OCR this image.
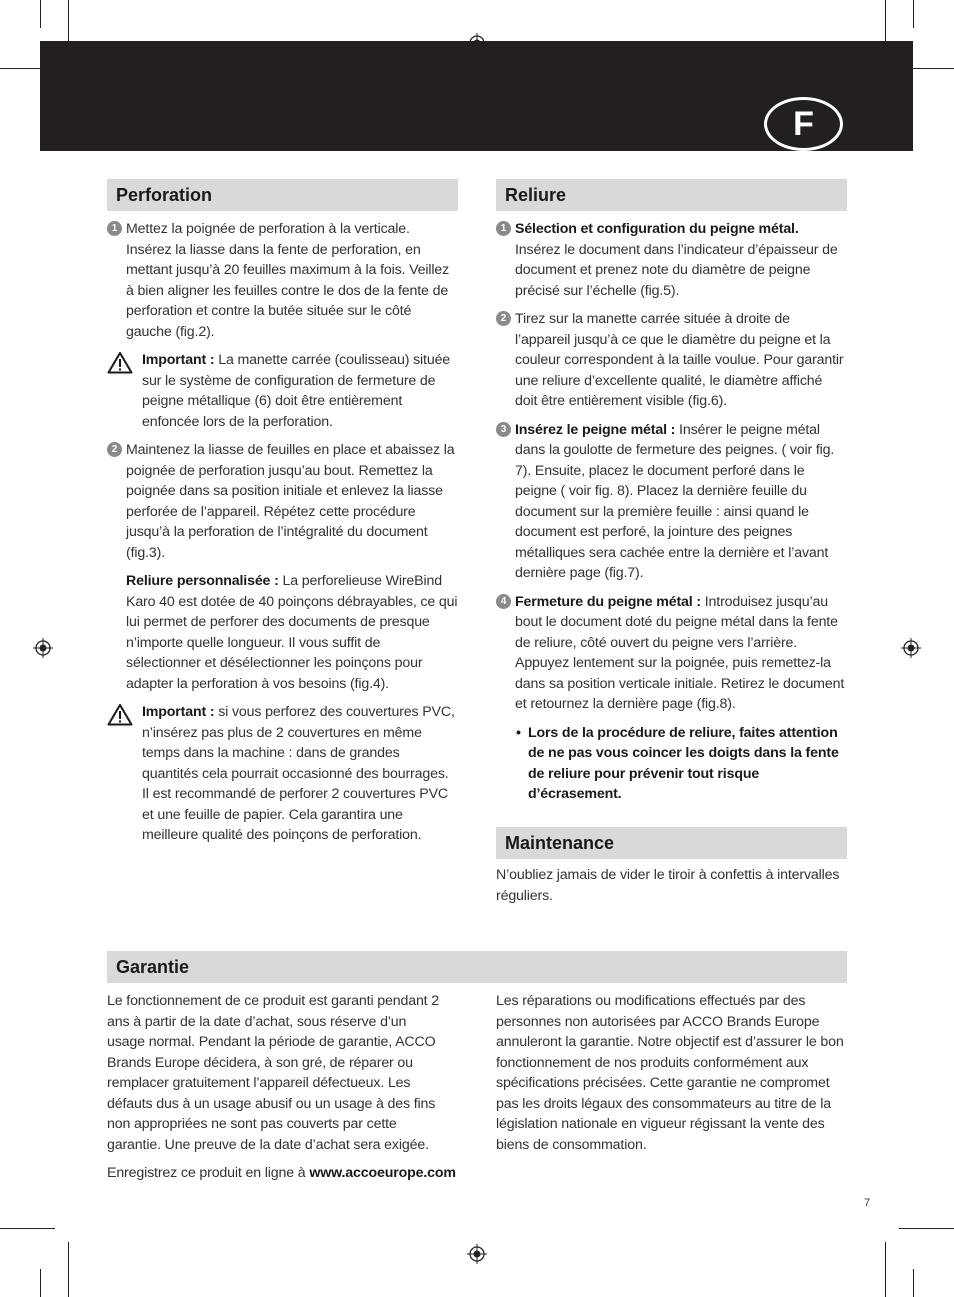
F
Perforation
1 Mettez la poignée de perforation à la verticale. Insérez la liasse dans la fente de perforation, en mettant jusqu’à 20 feuilles maximum à la fois. Veillez à bien aligner les feuilles contre le dos de la fente de perforation et contre la butée située sur le côté gauche (fig.2).
Important : La manette carrée (coulisseau) située sur le système de configuration de fermeture de peigne métallique (6) doit être entièrement enfoncée lors de la perforation.
2 Maintenez la liasse de feuilles en place et abaissez la poignée de perforation jusqu’au bout. Remettez la poignée dans sa position initiale et enlevez la liasse perforée de l’appareil. Répétez cette procédure jusqu’à la perforation de l’intégralité du document (fig.3).
Reliure personnalisée : La perforelieuse WireBind Karo 40 est dotée de 40 poinçons débrayables, ce qui lui permet de perforer des documents de presque n’importe quelle longueur. Il vous suffit de sélectionner et désélectionner les poinçons pour adapter la perforation à vos besoins (fig.4).
Important : si vous perforez des couvertures PVC, n’insérez pas plus de 2 couvertures en même temps dans la machine : dans de grandes quantités cela pourrait occasionné des bourrages. Il est recommandé de perforer 2 couvertures PVC et une feuille de papier. Cela garantira une meilleure qualité des poinçons de perforation.
Reliure
1 Sélection et configuration du peigne métal. Insérez le document dans l’indicateur d’épaisseur de document et prenez note du diamètre de peigne précisé sur l’échelle (fig.5).
2 Tirez sur la manette carrée située à droite de l’appareil jusqu’à ce que le diamètre du peigne et la couleur correspondent à la taille voulue. Pour garantir une reliure d’excellente qualité, le diamètre affiché doit être entièrement visible (fig.6).
3 Insérez le peigne métal : Insérer le peigne métal dans la goulotte de fermeture des peignes. ( voir fig. 7). Ensuite, placez le document perforé dans le peigne ( voir fig. 8). Placez la dernière feuille du document sur la première feuille : ainsi quand le document est perforé, la jointure des peignes métalliques sera cachée entre la dernière et l’avant dernière page (fig.7).
4 Fermeture du peigne métal : Introduisez jusqu’au bout le document doté du peigne métal dans la fente de reliure, côté ouvert du peigne vers l’arrière. Appuyez lentement sur la poignée, puis remettez-la dans sa position verticale initiale. Retirez le document et retournez la dernière page (fig.8).
• Lors de la procédure de reliure, faites attention de ne pas vous coincer les doigts dans la fente de reliure pour prévenir tout risque d’écrasement.
Maintenance
N’oubliez jamais de vider le tiroir à confettis à intervalles réguliers.
Garantie
Le fonctionnement de ce produit est garanti pendant 2 ans à partir de la date d’achat, sous réserve d’un usage normal. Pendant la période de garantie, ACCO Brands Europe décidera, à son gré, de réparer ou remplacer gratuitement l’appareil défectueux. Les défauts dus à un usage abusif ou un usage à des fins non appropriées ne sont pas couverts par cette garantie. Une preuve de la date d’achat sera exigée.
Enregistrez ce produit en ligne à www.accoeurope.com
Les réparations ou modifications effectués par des personnes non autorisées par ACCO Brands Europe annuleront la garantie. Notre objectif est d’assurer le bon fonctionnement de nos produits conformément aux spécifications précisées. Cette garantie ne compromet pas les droits légaux des consommateurs au titre de la législation nationale en vigueur régissant la vente des biens de consommation.
7
